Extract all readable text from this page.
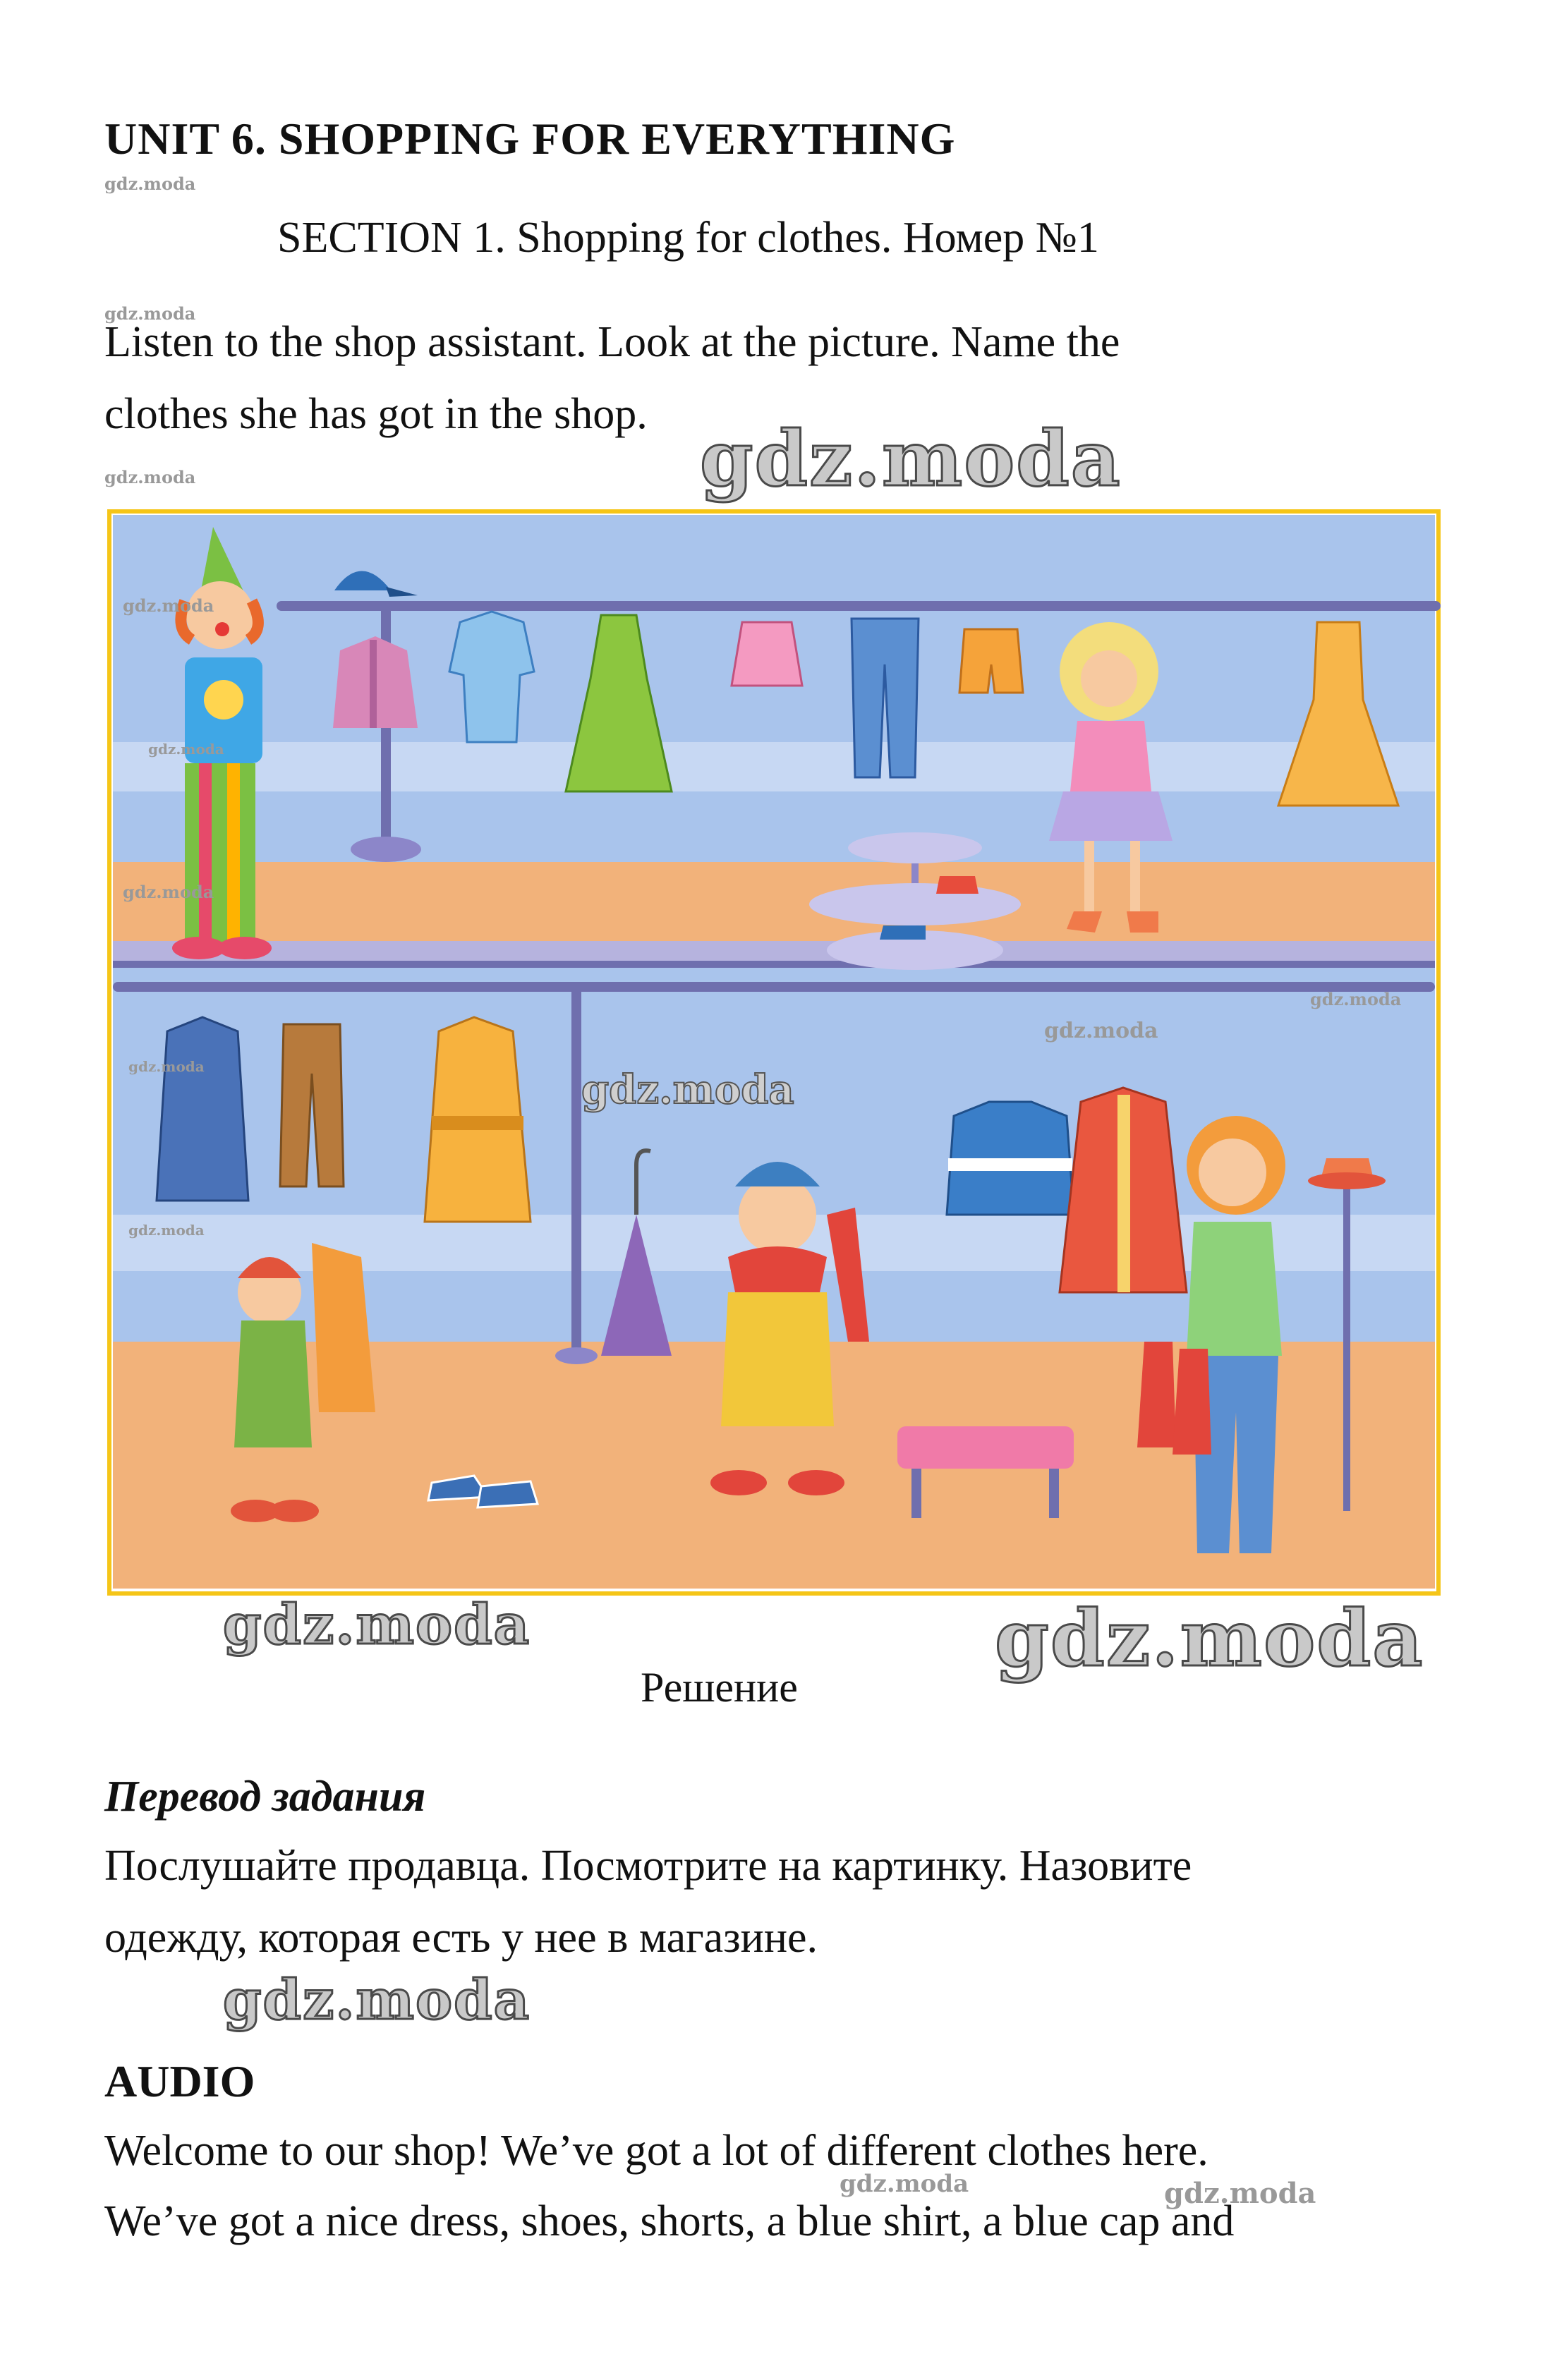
UNIT 6. SHOPPING FOR EVERYTHING
gdz.moda
SECTION 1. Shopping for clothes. Номер №1
gdz.moda
Listen to the shop assistant. Look at the picture. Name the
clothes she has got in the shop.
gdz.moda
gdz.moda
gdz.moda
gdz.moda
gdz.moda
gdz.moda
gdz.moda
gdz.moda
gdz.moda
gdz.moda
gdz.moda	gdz.moda
Решение
Перевод задания
Послушайте продавца. Посмотрите на картинку. Назовите
одежду, которая есть у нее в магазине.
gdz.moda
AUDIO
Welcome to our shop! We’ve got a lot of different clothes here.
gdz.moda	gdz.moda
We’ve got a nice dress, shoes, shorts, a blue shirt, a blue cap and
